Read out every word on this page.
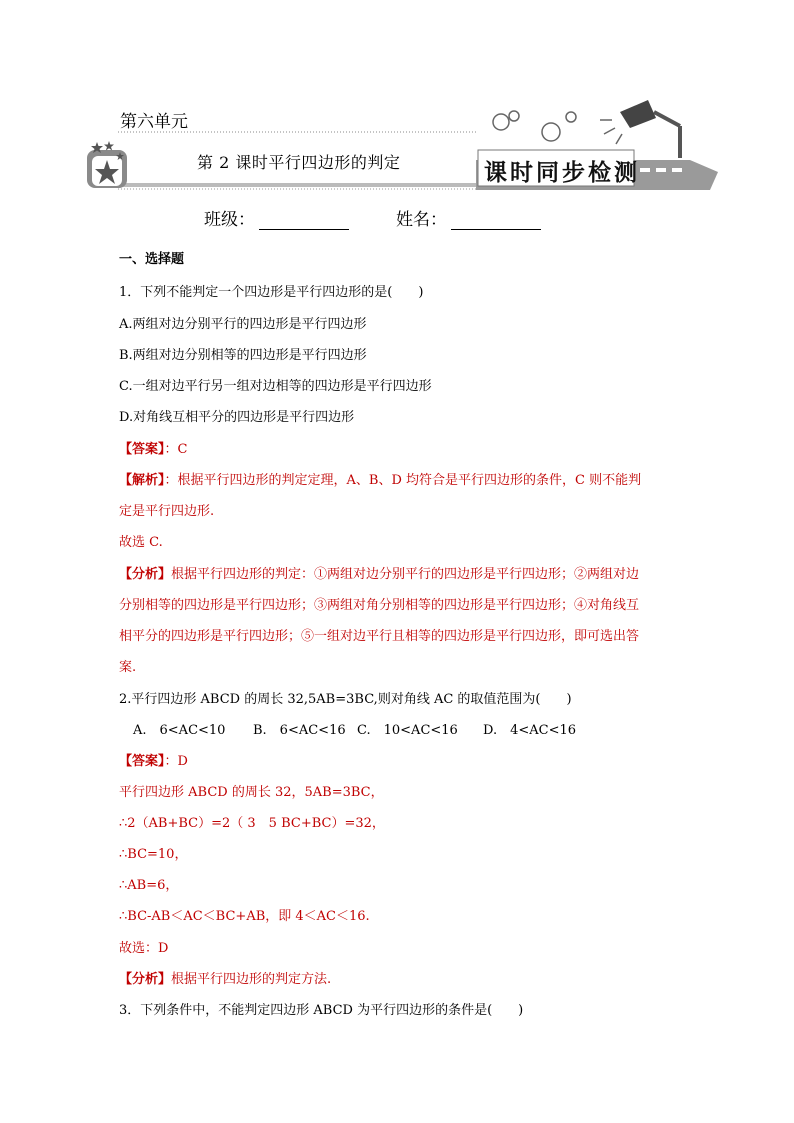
第六单元
第 2 课时平行四边形的判定	课时同步检测
班级：	姓名：
一、选择题
1．下列不能判定一个四边形是平行四边形的是(　　)
A.两组对边分别平行的四边形是平行四边形
B.两组对边分别相等的四边形是平行四边形
C.一组对边平行另一组对边相等的四边形是平行四边形
D.对角线互相平分的四边形是平行四边形
【答案】：C
【解析】：根据平行四边形的判定定理，A、B、D 均符合是平行四边形的条件，C 则不能判
定是平行四边形.
故选 C.
【分析】根据平行四边形的判定：①两组对边分别平行的四边形是平行四边形；②两组对边
分别相等的四边形是平行四边形；③两组对角分别相等的四边形是平行四边形；④对角线互
相平分的四边形是平行四边形；⑤一组对边平行且相等的四边形是平行四边形，即可选出答
案.
2.平行四边形 ABCD 的周长 32,5AB=3BC,则对角线 AC 的取值范围为(　　)
A.　6<AC<10 B.　6<AC<16 C.　10<AC<16 D.　4<AC<16
【答案】：D
平行四边形 ABCD 的周长 32，5AB=3BC，
∴2（AB+BC）=2（ 3　5 BC+BC）=32，
∴BC=10，
∴AB=6，
∴BC-AB＜AC＜BC+AB，即 4＜AC＜16.
故选：D
【分析】根据平行四边形的判定方法.
3．下列条件中，不能判定四边形 ABCD 为平行四边形的条件是(　　)
